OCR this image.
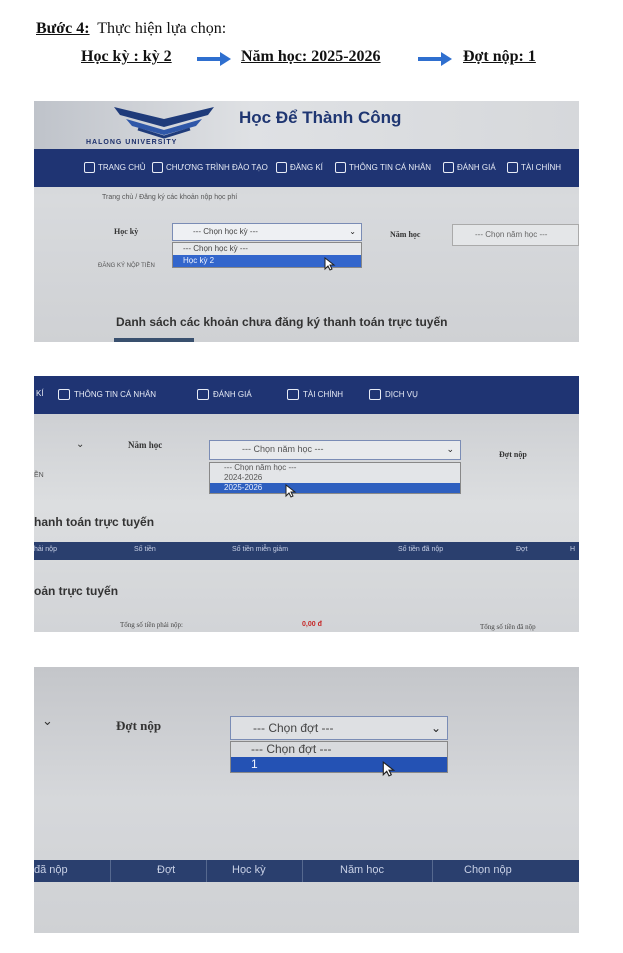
Bước 4: Thực hiện lựa chọn:
Học kỳ : kỳ 2	Năm học: 2025-2026	Đợt nộp: 1
HALONG UNIVERSITY
Học Để Thành Công
TRANG CHỦ	CHƯƠNG TRÌNH ĐÀO TẠO	ĐĂNG KÍ	THÔNG TIN CÁ NHÂN	ĐÁNH GIÁ	TÀI CHÍNH
Trang chủ / Đăng ký các khoản nộp học phí
Học kỳ	--- Chọn học kỳ ---	⌄
--- Chọn học kỳ ---
Học kỳ 2
Năm học	--- Chọn năm học ---
ĐĂNG KÝ NỘP TIỀN
Danh sách các khoản chưa đăng ký thanh toán trực tuyến
KÍ	THÔNG TIN CÁ NHÂN	ĐÁNH GIÁ	TÀI CHÍNH	DỊCH VỤ
⌄	Năm học	--- Chọn năm học ---	⌄
--- Chọn năm học ---
2024-2026
2025-2026
Đợt nộp
ỀN
hanh toán trực tuyến
hải nộp	Số tiền	Số tiền miễn giảm	Số tiền đã nộp	Đợt	H
oản trực tuyến
Tổng số tiền phải nộp:	0,00 đ	Tổng số tiền đã nộp
⌄	Đợt nộp	--- Chọn đợt ---	⌄
--- Chọn đợt ---
1
đã nộp	Đợt	Học kỳ	Năm học	Chọn nộp
